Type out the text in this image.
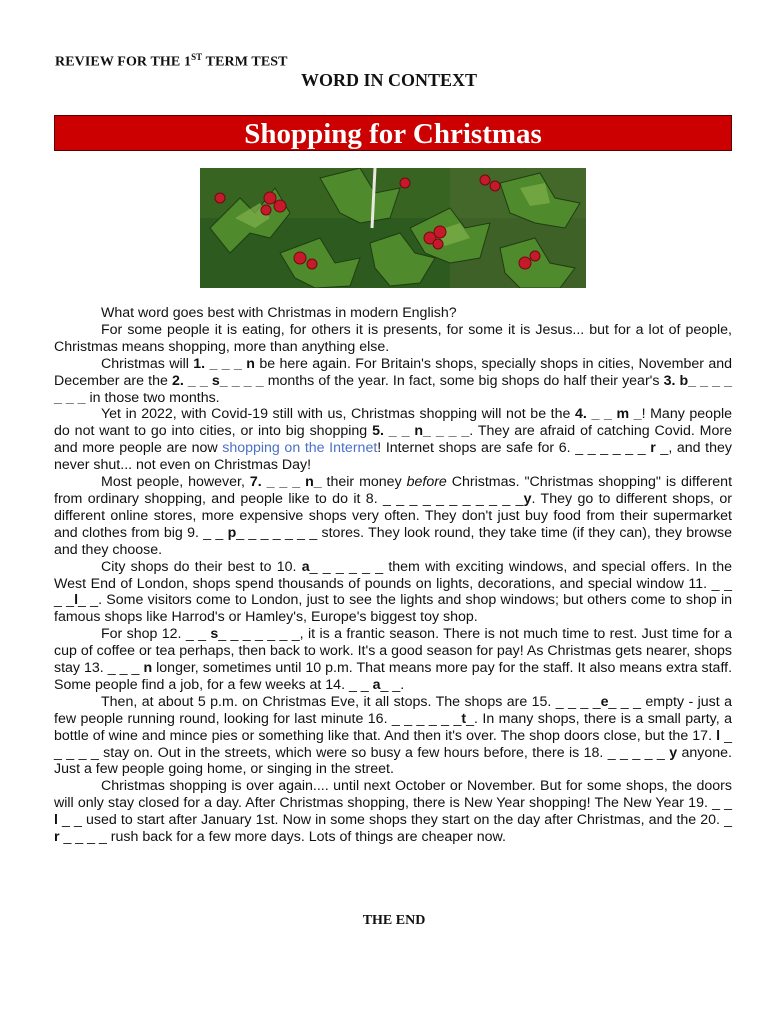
REVIEW FOR THE 1ST TERM TEST
WORD IN CONTEXT
Shopping for Christmas

What word goes best with Christmas in modern English?

For some people it is eating, for others it is presents, for some it is Jesus... but for a lot of people, Christmas means shopping, more than anything else.

Christmas will 1. _ _ _ n be here again. For Britain's shops, specially shops in cities, November and December are the 2. _ _ s_ _ _ _ months of the year. In fact, some big shops do half their year's 3. b_ _ _ _ _ _ _ in those two months.

Yet in 2022, with Covid-19 still with us, Christmas shopping will not be the 4. _ _ m _! Many people do not want to go into cities, or into big shopping 5. _ _ n_ _ _ _. They are afraid of catching Covid. More and more people are now shopping on the Internet! Internet shops are safe for 6. _ _ _ _ _ _ r _, and they never shut... not even on Christmas Day!

Most people, however, 7. _ _ _ n_ their money before Christmas. "Christmas shopping" is different from ordinary shopping, and people like to do it 8. _ _ _ _ _ _ _ _ _ _ _y. They go to different shops, or different online stores, more expensive shops very often. They don't just buy food from their supermarket and clothes from big 9. _ _ p_ _ _ _ _ _ _ stores. They look round, they take time (if they can), they browse and they choose.

City shops do their best to 10. a_ _ _ _ _ _ them with exciting windows, and special offers. In the West End of London, shops spend thousands of pounds on lights, decorations, and special window 11. _ _ _ _l_ _. Some visitors come to London, just to see the lights and shop windows; but others come to shop in famous shops like Harrod's or Hamley's, Europe's biggest toy shop.

For shop 12. _ _ s_ _ _ _ _ _ _, it is a frantic season. There is not much time to rest. Just time for a cup of coffee or tea perhaps, then back to work. It's a good season for pay! As Christmas gets nearer, shops stay 13. _ _ _ n longer, sometimes until 10 p.m. That means more pay for the staff. It also means extra staff. Some people find a job, for a few weeks at 14. _ _ a_ _.

Then, at about 5 p.m. on Christmas Eve, it all stops. The shops are 15. _ _ _ _e_ _ _ empty - just a few people running round, looking for last minute 16. _ _ _ _ _ _t_. In many shops, there is a small party, a bottle of wine and mince pies or something like that. And then it's over. The shop doors close, but the 17. l _ _ _ _ _ stay on. Out in the streets, which were so busy a few hours before, there is 18. _ _ _ _ _ y anyone. Just a few people going home, or singing in the street.

Christmas shopping is over again.... until next October or November. But for some shops, the doors will only stay closed for a day. After Christmas shopping, there is New Year shopping! The New Year 19. _ _ l _ _ used to start after January 1st. Now in some shops they start on the day after Christmas, and the 20. _ r _ _ _ _ rush back for a few more days. Lots of things are cheaper now.

THE END
